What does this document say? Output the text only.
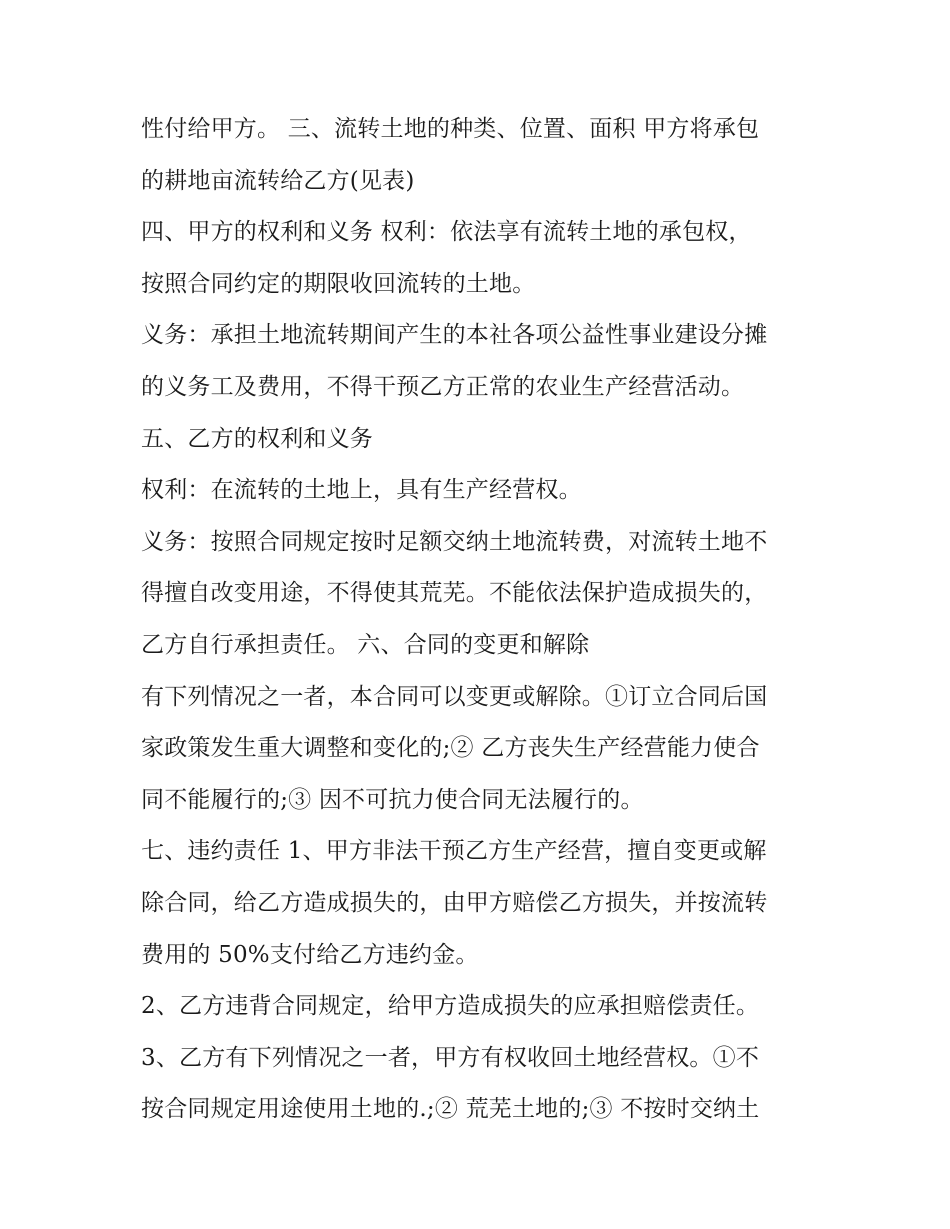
性付给甲方。 三、流转土地的种类、位置、面积 甲方将承包
的耕地亩流转给乙方(见表)
四、甲方的权利和义务 权利：依法享有流转土地的承包权，
按照合同约定的期限收回流转的土地。
义务：承担土地流转期间产生的本社各项公益性事业建设分摊
的义务工及费用，不得干预乙方正常的农业生产经营活动。
五、乙方的权利和义务
权利：在流转的土地上，具有生产经营权。
义务：按照合同规定按时足额交纳土地流转费，对流转土地不
得擅自改变用途，不得使其荒芜。不能依法保护造成损失的，
乙方自行承担责任。 六、合同的变更和解除
有下列情况之一者，本合同可以变更或解除。①订立合同后国
家政策发生重大调整和变化的;② 乙方丧失生产经营能力使合
同不能履行的;③ 因不可抗力使合同无法履行的。
七、违约责任 1、甲方非法干预乙方生产经营，擅自变更或解
除合同，给乙方造成损失的，由甲方赔偿乙方损失，并按流转
费用的 50%支付给乙方违约金。
2、乙方违背合同规定，给甲方造成损失的应承担赔偿责任。
3、乙方有下列情况之一者，甲方有权收回土地经营权。①不
按合同规定用途使用土地的.;② 荒芜土地的;③ 不按时交纳土
